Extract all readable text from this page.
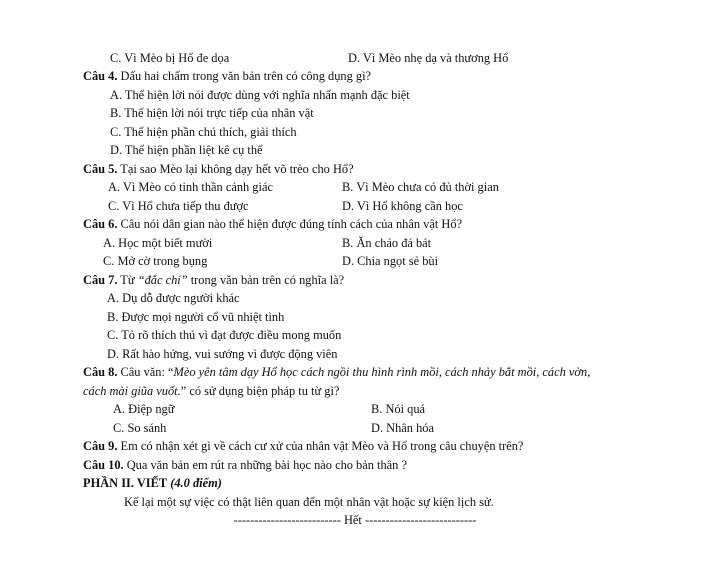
C. Vì Mèo bị Hổ đe dọa	D. Vì Mèo nhẹ dạ và thương Hổ
Câu 4. Dấu hai chấm trong văn bản trên có công dụng gì?
A. Thể hiện lời nói được dùng với nghĩa nhấn mạnh đặc biệt
B. Thể hiện lời nói trực tiếp của nhân vật
C. Thể hiện phần chú thích, giải thích
D. Thể hiện phần liệt kê cụ thể
Câu 5. Tại sao Mèo lại không dạy hết võ trèo cho Hổ?
A. Vì Mèo có tinh thần cảnh giác	B. Vì Mèo chưa có đủ thời gian
C. Vì Hổ chưa tiếp thu được	D. Vì Hổ không cần học
Câu 6. Câu nói dân gian nào thể hiện được đúng tính cách của nhân vật Hổ?
A. Học một biết mười	B. Ăn cháo đá bát
C. Mở cờ trong bụng	D. Chia ngọt sẻ bùi
Câu 7. Từ “đắc chí” trong văn bản trên có nghĩa là?
A. Dụ dỗ được người khác
B. Được mọi người cổ vũ nhiệt tình
C. Tỏ rõ thích thú vì đạt được điều mong muốn
D. Rất hào hứng, vui sướng vì được động viên
Câu 8. Câu văn: “Mèo yên tâm dạy Hổ học cách ngồi thu hình rình mồi, cách nhảy bắt mồi, cách vờn,
cách mài giũa vuốt.” có sử dụng biện pháp tu từ gì?
A. Điệp ngữ	B. Nói quá
C. So sánh	D. Nhân hóa
Câu 9. Em có nhận xét gì về cách cư xử của nhân vật Mèo và Hổ trong câu chuyện trên?
Câu 10. Qua văn bản em rút ra những bài học nào cho bản thân ?
PHẦN II. VIẾT (4.0 điểm)
Kể lại một sự việc có thật liên quan đến một nhân vật hoặc sự kiện lịch sử.
-------------------------- Hết ---------------------------
